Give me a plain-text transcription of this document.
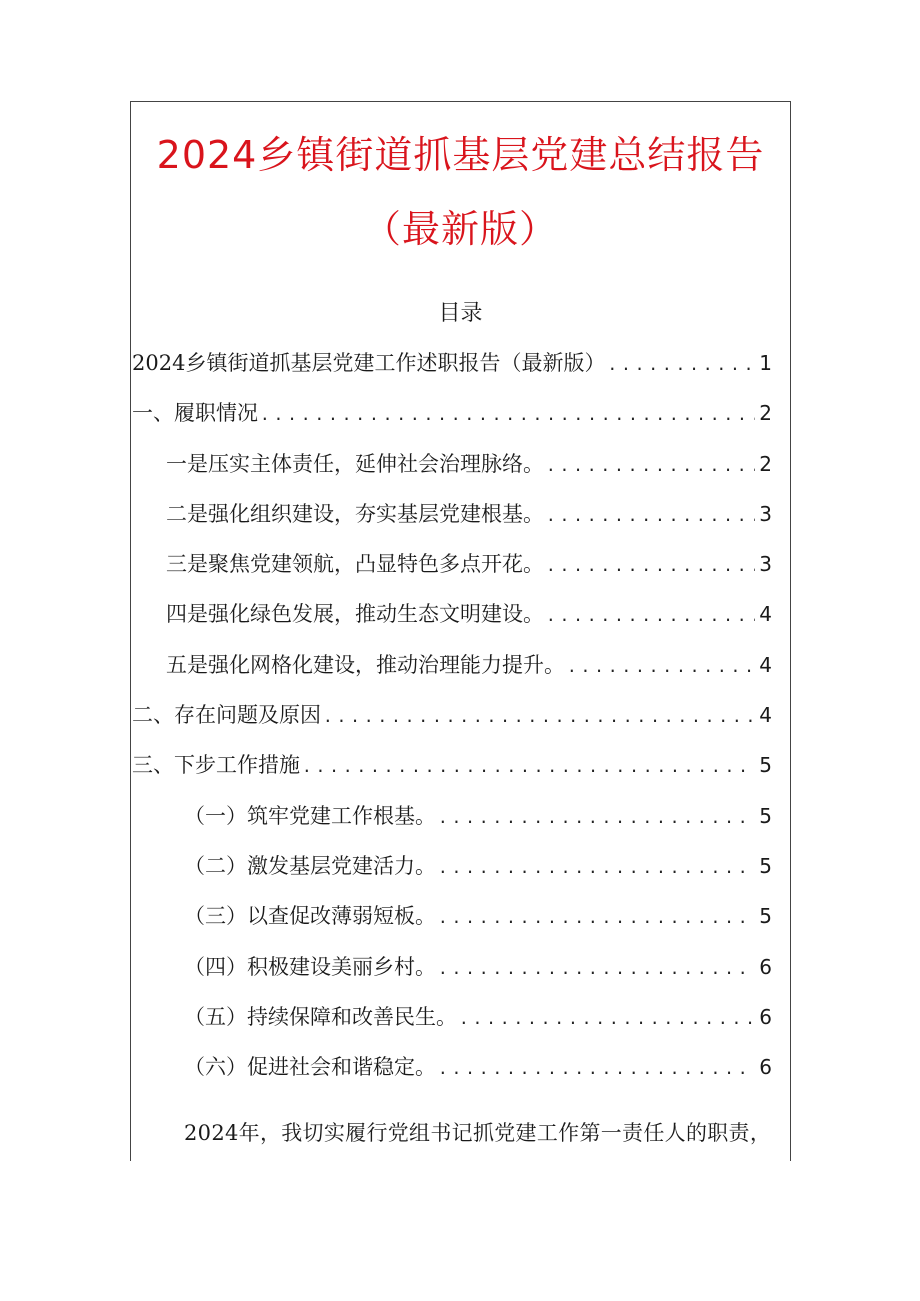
2024乡镇街道抓基层党建总结报告
（最新版）
目录
2024乡镇街道抓基层党建工作述职报告（最新版） .....	1
一、履职情况 .....	2
一是压实主体责任，延伸社会治理脉络。 .....	2
二是强化组织建设，夯实基层党建根基。 .....	3
三是聚焦党建领航，凸显特色多点开花。 .....	3
四是强化绿色发展，推动生态文明建设。 .....	4
五是强化网格化建设，推动治理能力提升。 .....	4
二、存在问题及原因 .....	4
三、下步工作措施 .....	5
（一）筑牢党建工作根基。 .....	5
（二）激发基层党建活力。 .....	5
（三）以查促改薄弱短板。 .....	5
（四）积极建设美丽乡村。 .....	6
（五）持续保障和改善民生。 .....	6
（六）促进社会和谐稳定。 .....	6

2024年，我切实履行党组书记抓党建工作第一责任人的职责，
